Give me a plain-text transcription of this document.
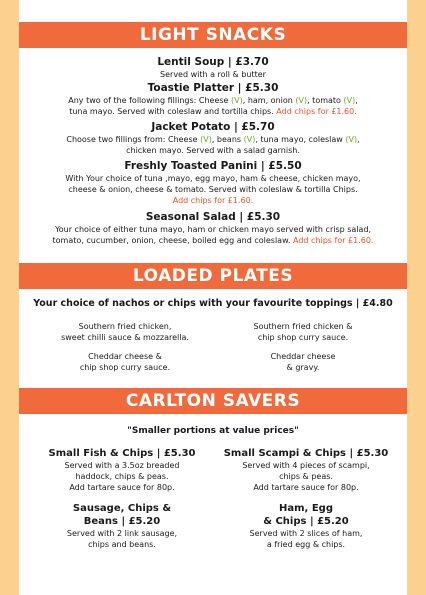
LIGHT SNACKS
Lentil Soup | £3.70
Served with a roll & butter
Toastie Platter | £5.30
Any two of the following fillings: Cheese (V), ham, onion (V), tomato (V),
tuna mayo. Served with coleslaw and tortilla chips. Add chips for £1.60.
Jacket Potato | £5.70
Choose two fillings from: Cheese (V), beans (V), tuna mayo, coleslaw (V),
chicken mayo. Served with a salad garnish.
Freshly Toasted Panini | £5.50
With Your choice of tuna ,mayo, egg mayo, ham & cheese, chicken mayo,
cheese & onion, cheese & tomato. Served with coleslaw & tortilla Chips.
Add chips for £1.60.
Seasonal Salad | £5.30
Your choice of either tuna mayo, ham or chicken mayo served with crisp salad,
tomato, cucumber, onion, cheese, boiled egg and coleslaw. Add chips for £1.60.
LOADED PLATES
Your choice of nachos or chips with your favourite toppings | £4.80
Southern fried chicken,
sweet chilli sauce & mozzarella.
Southern fried chicken &
chip shop curry sauce.
Cheddar cheese &
chip shop curry sauce.
Cheddar cheese
& gravy.
CARLTON SAVERS
"Smaller portions at value prices"
Small Fish & Chips | £5.30
Served with a 3.5oz breaded
haddock, chips & peas.
Add tartare sauce for 80p.
Small Scampi & Chips | £5.30
Served with 4 pieces of scampi,
chips & peas.
Add tartare sauce for 80p.
Sausage, Chips &
Beans | £5.20
Served with 2 link sausage,
chips and beans.
Ham, Egg
& Chips | £5.20
Served with 2 slices of ham,
a fried egg & chips.
